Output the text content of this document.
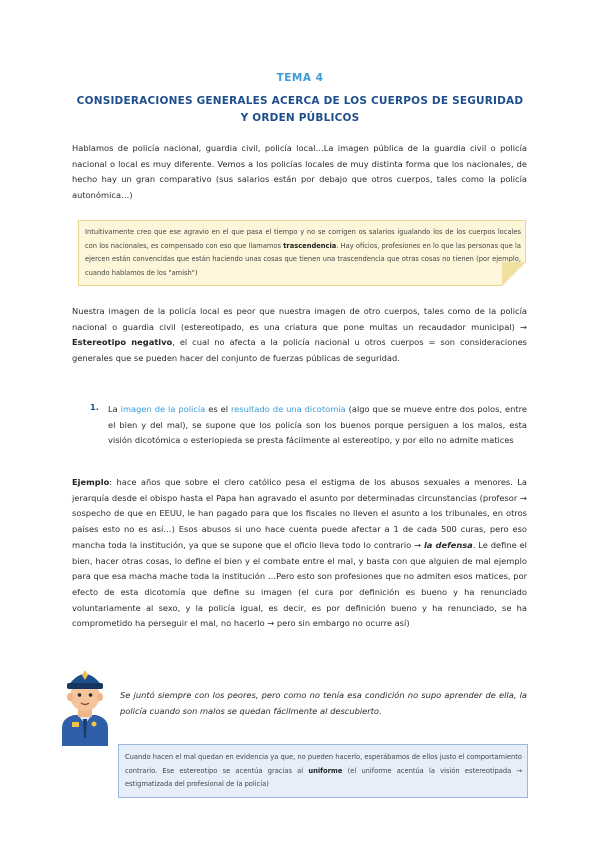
TEMA 4
CONSIDERACIONES GENERALES ACERCA DE LOS CUERPOS DE SEGURIDAD
Y ORDEN PÚBLICOS
Hablamos de policía nacional, guardia civil, policía local…La imagen pública de la guardia civil o policía nacional o local es muy diferente. Vemos a los policías locales de muy distinta forma que los nacionales, de hecho hay un gran comparativo (sus salarios están por debajo que otros cuerpos, tales como la policía autonómica…)
Intuitivamente creo que ese agravio en el que pasa el tiempo y no se corrigen os salarios igualando los de los cuerpos locales con los nacionales, es compensado con eso que llamamos trascendencia. Hay oficios, profesiones en lo que las personas que la ejercen están convencidas que están haciendo unas cosas que tienen una trascendencia que otras cosas no tienen (por ejemplo, cuando hablamos de los "amish")
Nuestra imagen de la policía local es peor que nuestra imagen de otro cuerpos, tales como de la policía nacional o guardia civil (estereotipado, es una criatura que pone multas un recaudador municipal) → Estereotipo negativo, el cual no afecta a la policía nacional u otros cuerpos = son consideraciones generales que se pueden hacer del conjunto de fuerzas públicas de seguridad.
1. La imagen de la policía es el resultado de una dicotomía (algo que se mueve entre dos polos, entre el bien y del mal), se supone que los policía son los buenos porque persiguen a los malos, esta visión dicotómica o esteriopieda se presta fácilmente al estereotipo, y por ello no admite matices
Ejemplo: hace años que sobre el clero católico pesa el estigma de los abusos sexuales a menores. La jerarquía desde el obispo hasta el Papa han agravado el asunto por determinadas circunstancias (profesor → sospecho de que en EEUU, le han pagado para que los fiscales no lleven el asunto a los tribunales, en otros países esto no es así…) Esos abusos si uno hace cuenta puede afectar a 1 de cada 500 curas, pero eso mancha toda la institución, ya que se supone que el oficio lleva todo lo contrario → la defensa. Le define el bien, hacer otras cosas, lo define el bien y el combate entre el mal, y basta con que alguien de mal ejemplo para que esa macha mache toda la institución …Pero esto son profesiones que no admiten esos matices, por efecto de esta dicotomía que define su imagen (el cura por definición es bueno y ha renunciado voluntariamente al sexo, y la policía igual, es decir, es por definición bueno y ha renunciado, se ha comprometido ha perseguir el mal, no hacerlo → pero sin embargo no ocurre así)
Se juntó siempre con los peores, pero como no tenía esa condición no supo aprender de ella, la policía cuando son malos se quedan fácilmente al descubierto.
Cuando hacen el mal quedan en evidencia ya que, no pueden hacerlo, esperábamos de ellos justo el comportamiento contrario. Ese estereotipo se acentúa gracias al uniforme (el uniforme acentúa la visión estereotipada → estigmatizada del profesional de la policía)
